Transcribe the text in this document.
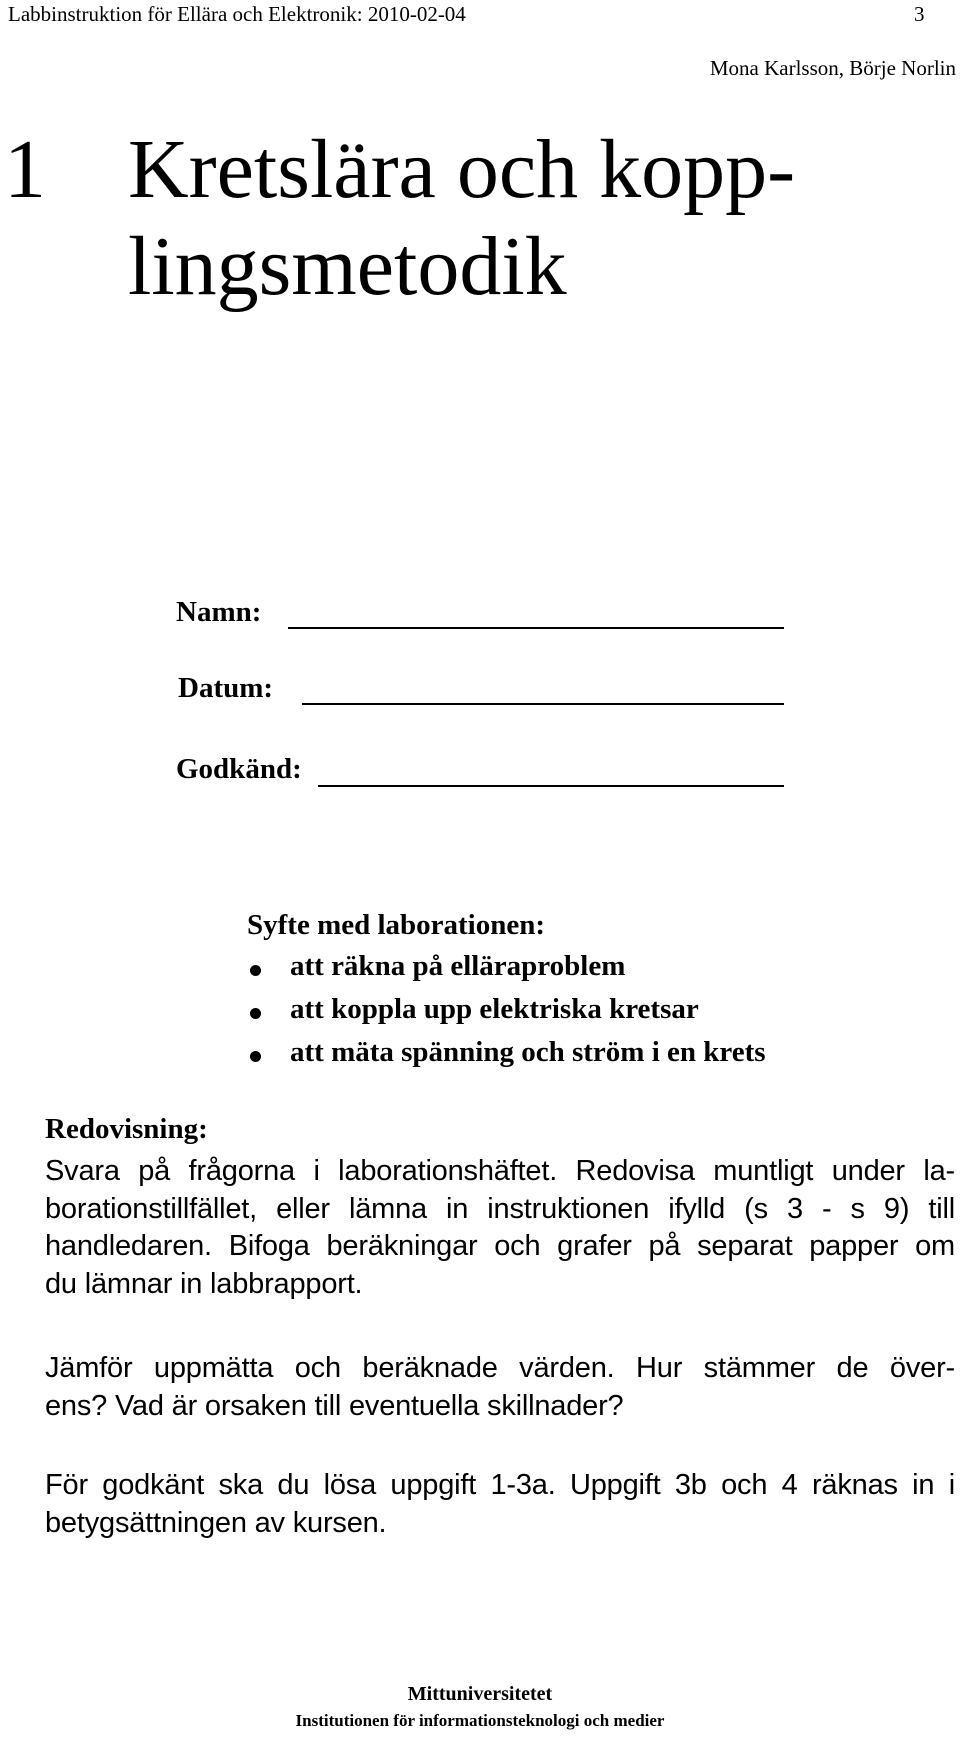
Labbinstruktion för Ellära och Elektronik: 2010-02-04	3
Mona Karlsson, Börje Norlin
1 Kretslära och kopp-
lingsmetodik
Namn:
Datum:
Godkänd:
Syfte med laborationen:
att räkna på elläraproblem
att koppla upp elektriska kretsar
att mäta spänning och ström i en krets
Redovisning:
Svara på frågorna i laborationshäftet. Redovisa muntligt under la-
borationstillfället, eller lämna in instruktionen ifylld (s 3 - s 9) till
handledaren. Bifoga beräkningar och grafer på separat papper om
du lämnar in labbrapport.
Jämför uppmätta och beräknade värden. Hur stämmer de över-
ens? Vad är orsaken till eventuella skillnader?
För godkänt ska du lösa uppgift 1-3a. Uppgift 3b och 4 räknas in i
betygsättningen av kursen.
Mittuniversitetet
Institutionen för informationsteknologi och medier
